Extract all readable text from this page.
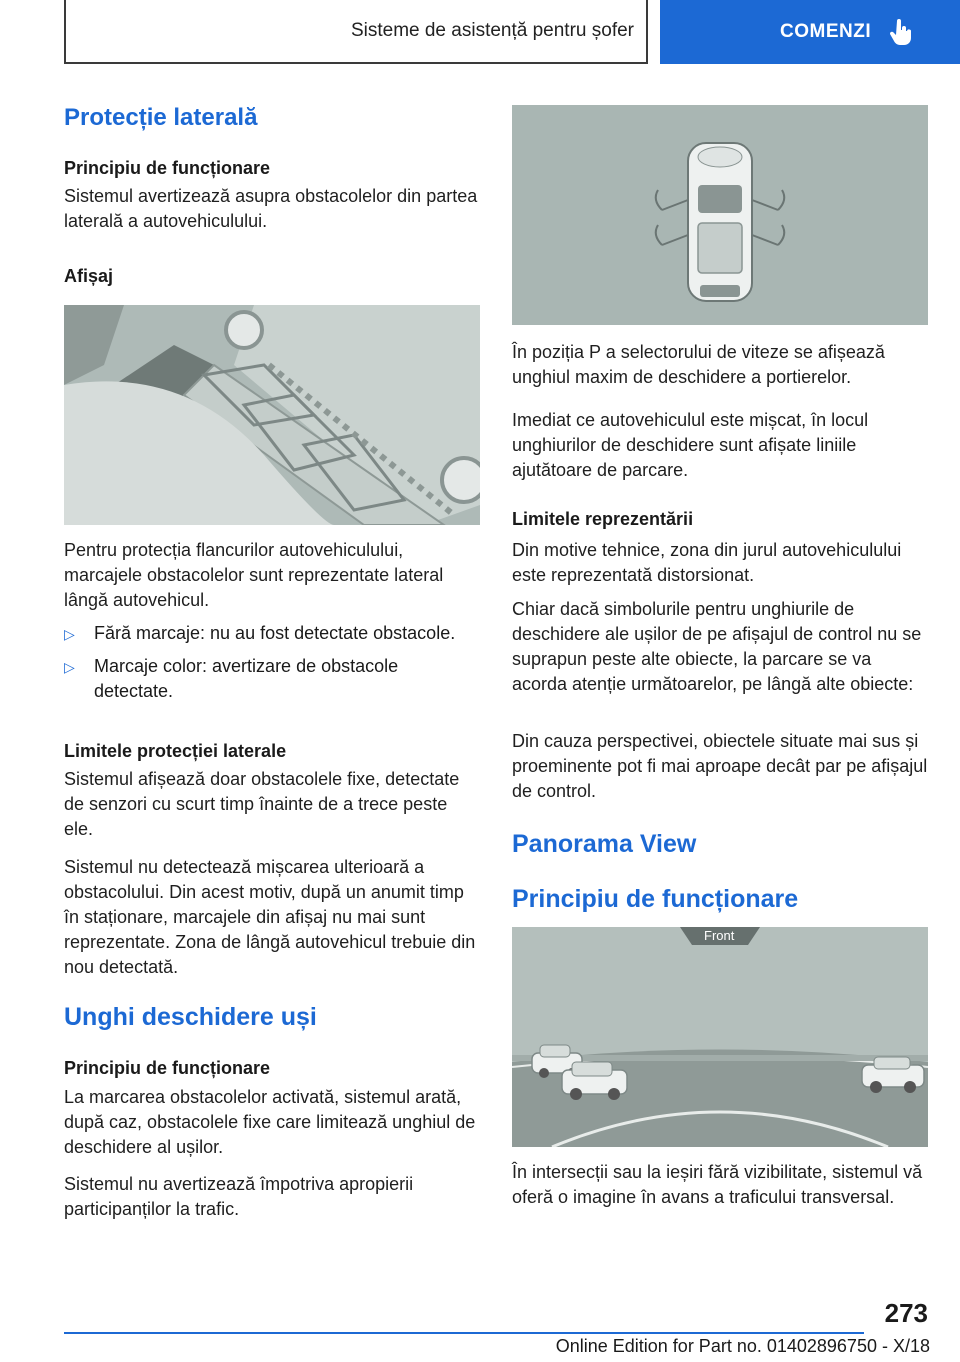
Sisteme de asistență pentru șofer	COMENZI
Protecție laterală
Principiu de funcționare

Sistemul avertizează asupra obstacolelor din partea laterală a autovehiculului.

Afișaj

Pentru protecția flancurilor autovehiculului, marcajele obstacolelor sunt reprezentate lateral lângă autovehicul.

▷ Fără marcaje: nu au fost detectate obstacole.
▷ Marcaje color: avertizare de obstacole detectate.
Limitele protecției laterale

Sistemul afișează doar obstacolele fixe, detectate de senzori cu scurt timp înainte de a trece peste ele.

Sistemul nu detectează mișcarea ulterioară a obstacolului. Din acest motiv, după un anumit timp în staționare, marcajele din afișaj nu mai sunt reprezentate. Zona de lângă autovehicul trebuie din nou detectată.

Unghi deschidere uși
Principiu de funcționare

La marcarea obstacolelor activată, sistemul arată, după caz, obstacolele fixe care limitează unghiul de deschidere al ușilor.

Sistemul nu avertizează împotriva apropierii participanților la trafic.

În poziția P a selectorului de viteze se afișează unghiul maxim de deschidere a portierelor.

Imediat ce autovehiculul este mișcat, în locul unghiurilor de deschidere sunt afișate liniile ajutătoare de parcare.

Limitele reprezentării

Din motive tehnice, zona din jurul autovehiculului este reprezentată distorsionat.

Chiar dacă simbolurile pentru unghiurile de deschidere ale ușilor de pe afișajul de control nu se suprapun peste alte obiecte, la parcare se va acorda atenție următoarelor, pe lângă alte obiecte:

Din cauza perspectivei, obiectele situate mai sus și proeminente pot fi mai aproape decât par pe afișajul de control.

Panorama View
Principiu de funcționare
Front

În intersecții sau la ieșiri fără vizibilitate, sistemul vă oferă o imagine în avans a traficului transversal.

273
Online Edition for Part no. 01402896750 - X/18
